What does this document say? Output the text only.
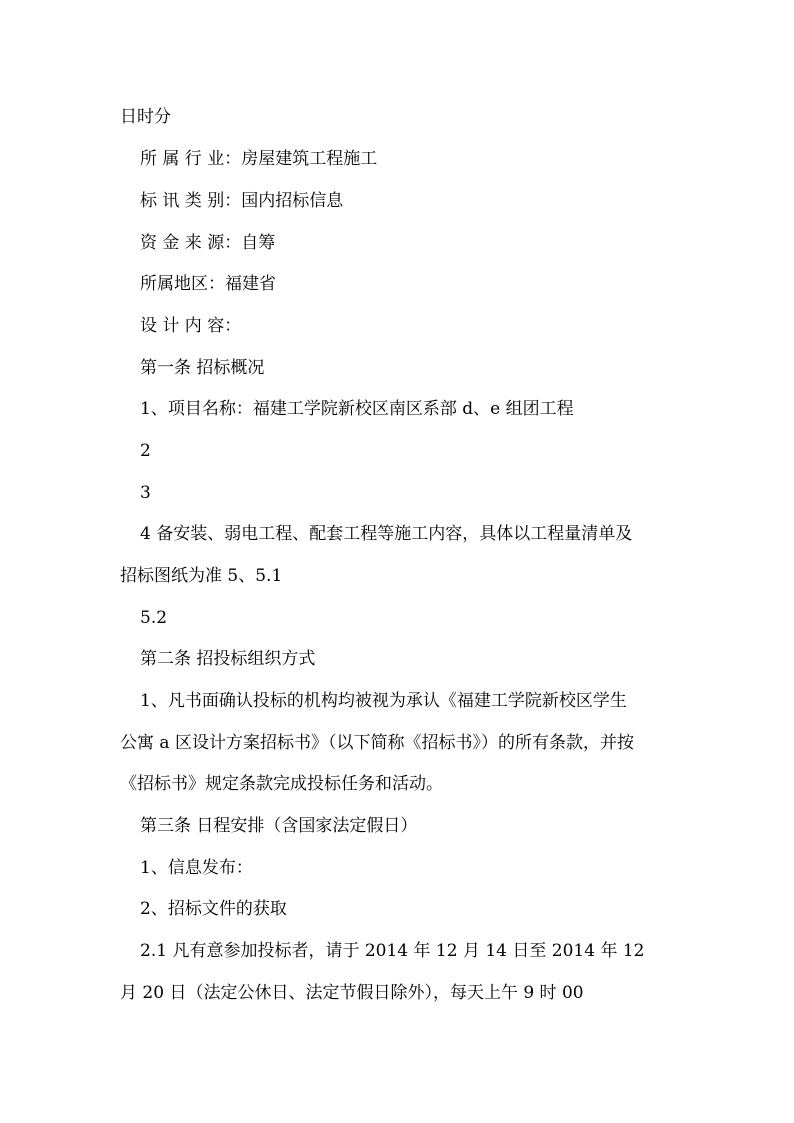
日时分
所 属 行 业：房屋建筑工程施工
标 讯 类 别：国内招标信息
资 金 来 源：自筹
所属地区：福建省
设 计 内 容：
第一条 招标概况
1、项目名称：福建工学院新校区南区系部 d、e 组团工程
2
3
4 备安装、弱电工程、配套工程等施工内容，具体以工程量清单及
招标图纸为准 5、5.1
5.2
第二条 招投标组织方式
1、凡书面确认投标的机构均被视为承认《福建工学院新校区学生
公寓 a 区设计方案招标书》（以下简称《招标书》）的所有条款，并按
《招标书》规定条款完成投标任务和活动。
第三条 日程安排（含国家法定假日）
1、信息发布：
2、招标文件的获取
2.1 凡有意参加投标者，请于 2014 年 12 月 14 日至 2014 年 12
月 20 日（法定公休日、法定节假日除外），每天上午 9 时 00
